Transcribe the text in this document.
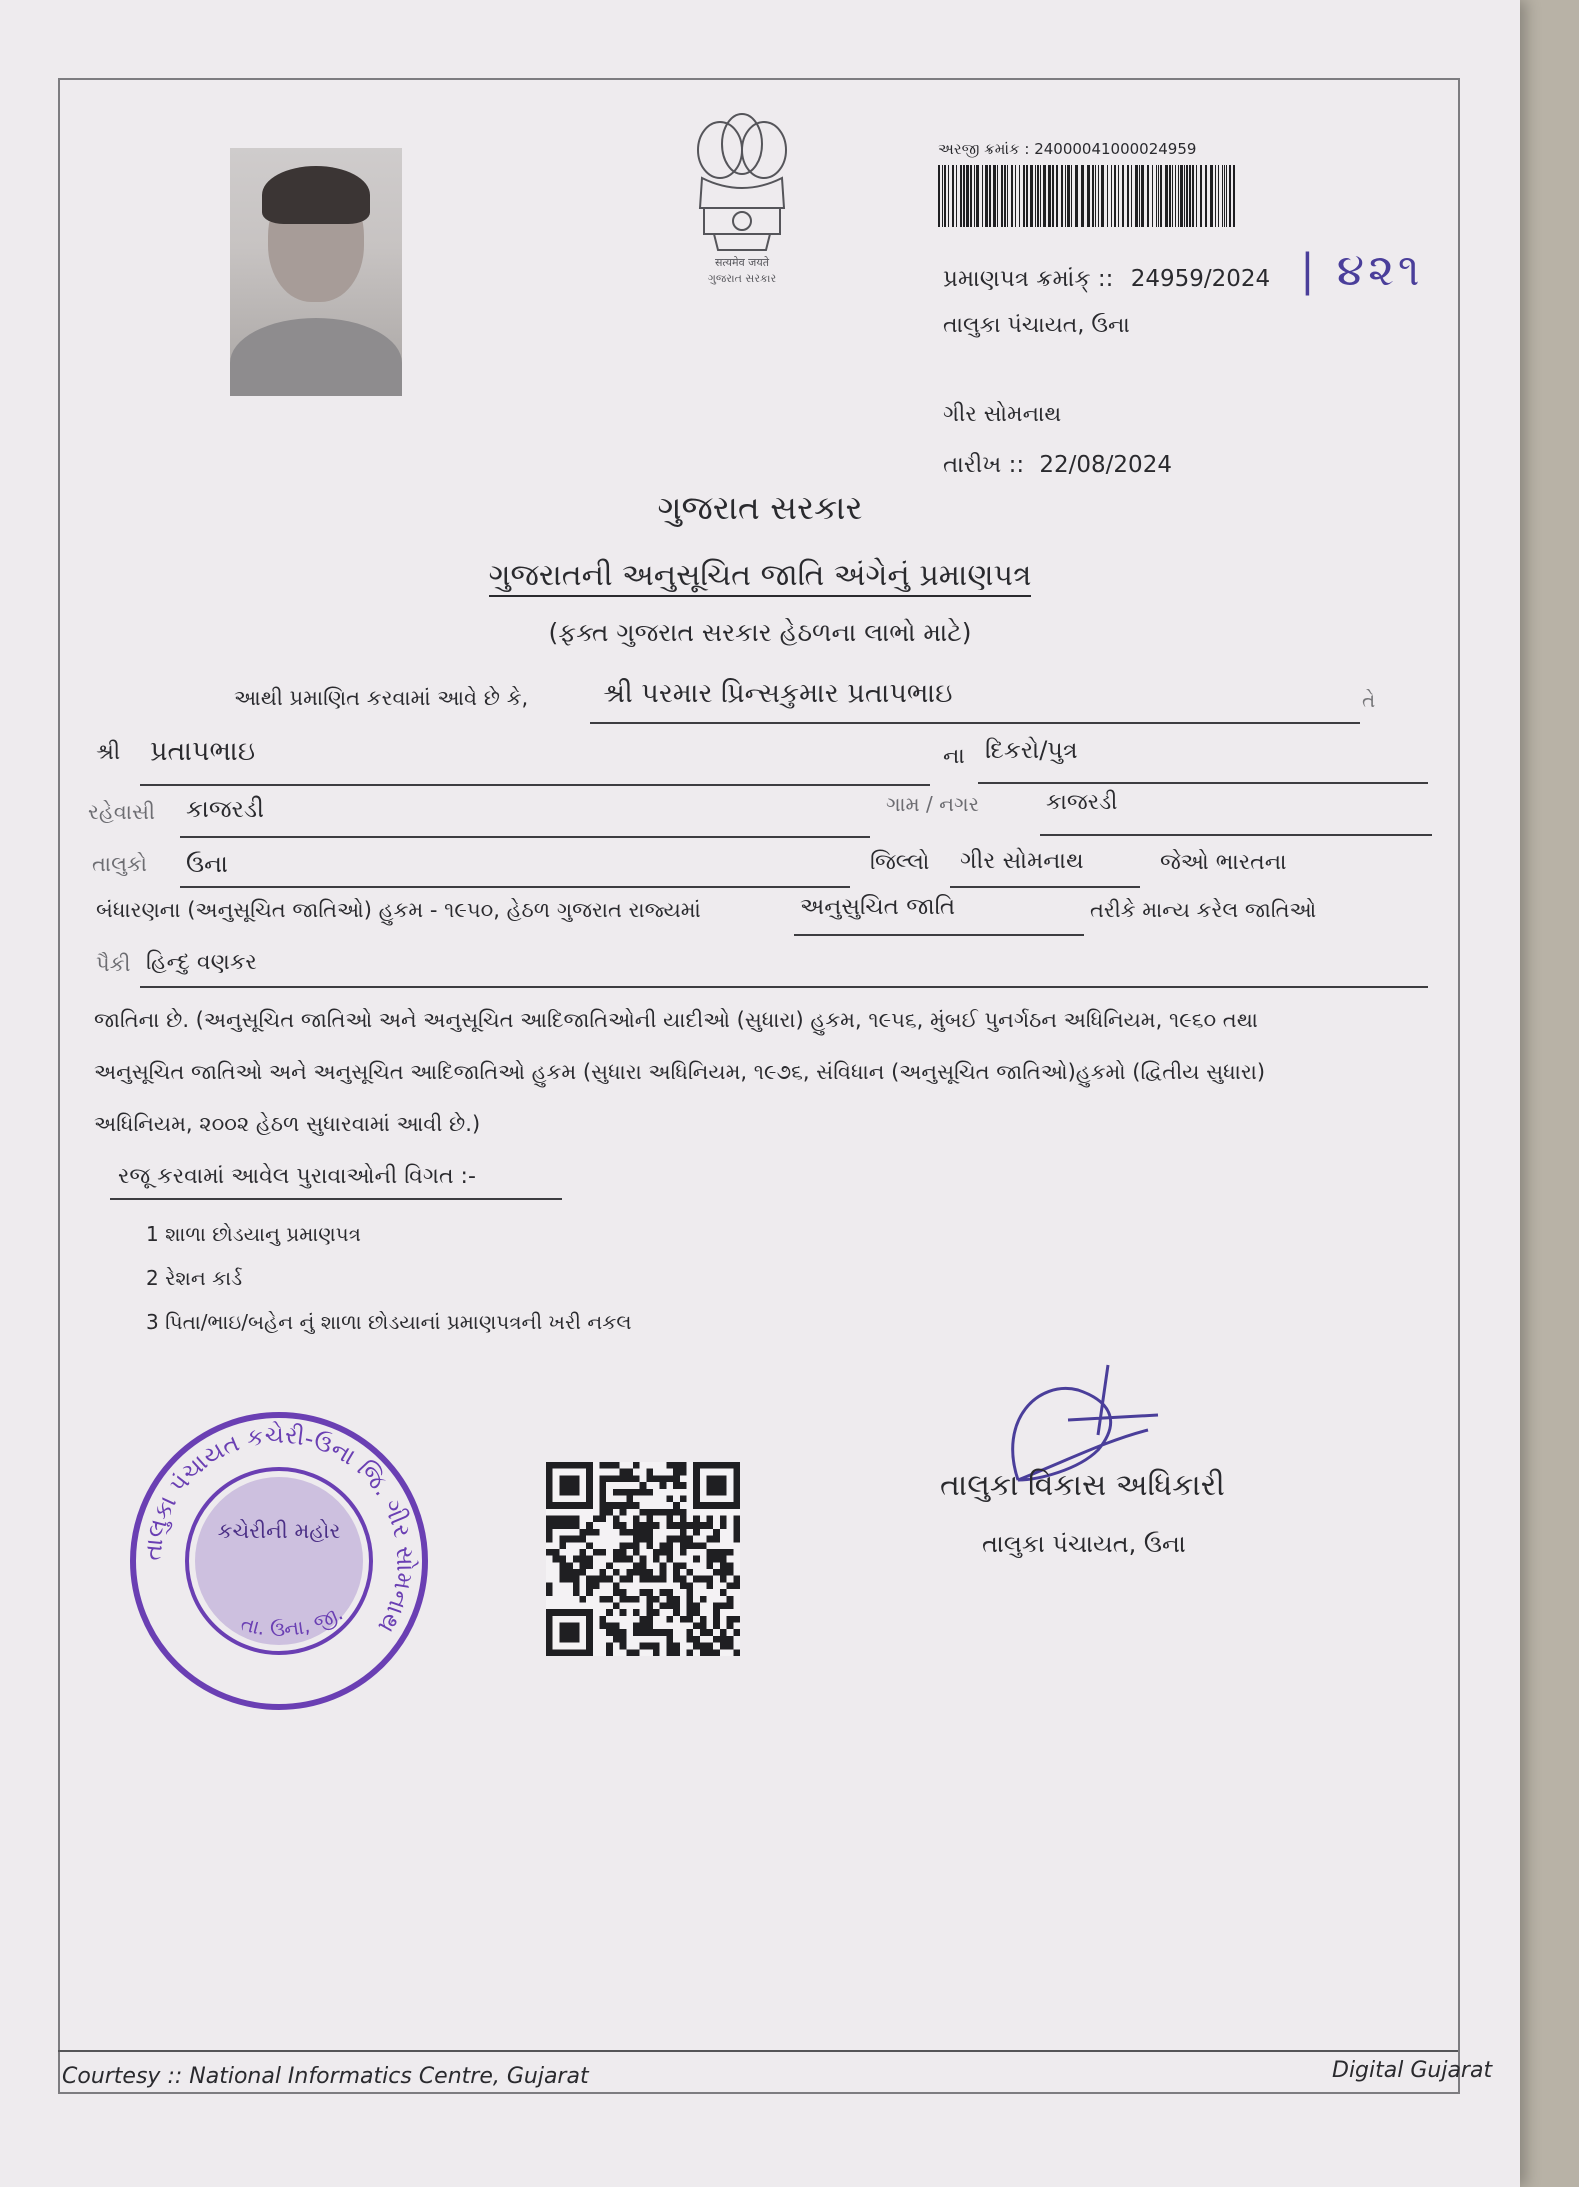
सत्यमेव जयते
ગુજરાત સરકાર
અરજી ક્રમાંક : 24000041000024959
પ્રમાણપત્ર ક્રમાંક્ :: 24959/2024 | ૪૨૧
તાલુકા પંચાયત, ઉના
ગીર સોમનાથ
તારીખ :: 22/08/2024
ગુજરાત સરકાર
ગુજરાતની અનુસૂચિત જાતિ અંગેનું પ્રમાણપત્ર
(ફક્ત ગુજરાત સરકાર હેઠળના લાભો માટે)
આથી પ્રમાણિત કરવામાં આવે છે કે,	શ્રી પરમાર પ્રિન્સકુમાર પ્રતાપભાઇ	તે
શ્રી પ્રતાપભાઇ	ના દિકરો/પુત્ર
રહેવાસી કાજરડી	ગામ / નગર	કાજરડી
તાલુકો ઉના	જિલ્લો ગીર સોમનાથ	જેઓ ભારતના
બંધારણના (અનુસૂચિત જાતિઓ) હુકમ - ૧૯૫૦, હેઠળ ગુજરાત રાજ્યમાં	અનુસુચિત જાતિ	તરીકે માન્ય કરેલ જાતિઓ
પૈકી હિન્દુ વણકર
જાતિના છે. (અનુસૂચિત જાતિઓ અને અનુસૂચિત આદિજાતિઓની યાદીઓ (સુધારા) હુકમ, ૧૯૫૬, મુંબઈ પુનર્ગઠન અધિનિયમ, ૧૯૬૦ તથા
અનુસૂચિત જાતિઓ અને અનુસૂચિત આદિજાતિઓ હુકમ (સુધારા અધિનિયમ, ૧૯૭૬, સંવિધાન (અનુસૂચિત જાતિઓ)હુકમો (દ્વિતીય સુધારા)
અધિનિયમ, ૨૦૦૨ હેઠળ સુધારવામાં આવી છે.)
રજૂ કરવામાં આવેલ પુરાવાઓની વિગત :-
1 શાળા છોડયાનુ પ્રમાણપત્ર
2 રેશન કાર્ડ
3 પિતા/ભાઇ/બહેન નું શાળા છોડયાનાં પ્રમાણપત્રની ખરી નકલ
તાલુકા પંચાયત કચેરી-ઉના જિ. ગીર સોમનાથ
કચેરીની મહોર
તા. ઉના, જી.
તાલુકા વિકાસ અધિકારી
તાલુકા પંચાયત, ઉના
Courtesy :: National Informatics Centre, Gujarat	Digital Gujarat
